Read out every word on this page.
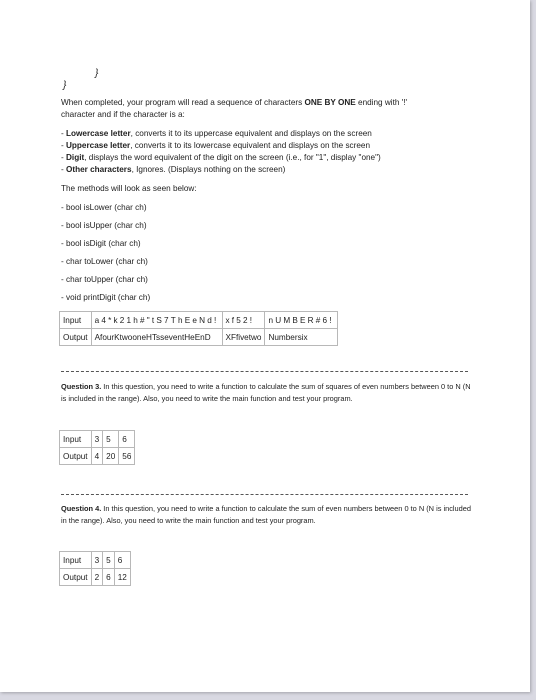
}
}
When completed, your program will read a sequence of characters ONE BY ONE ending with '!'
character and if the character is a:
- Lowercase letter, converts it to its uppercase equivalent and displays on the screen
- Uppercase letter, converts it to its lowercase equivalent and displays on the screen
- Digit, displays the word equivalent of the digit on the screen (i.e., for "1", display "one")
- Other characters, Ignores. (Displays nothing on the screen)
The methods will look as seen below:
- bool isLower (char ch)
- bool isUpper (char ch)
- bool isDigit (char ch)
- char toLower (char ch)
- char toUpper (char ch)
- void printDigit (char ch)
Input	a4*k21h#"tS7ThEeNd!	xf52!	nUMBER#6!
Output	AfourKtwooneHTsseventHeEnD	XFfivetwo	Numbersix
Question 3. In this question, you need to write a function to calculate the sum of squares of even numbers between 0 to N (N is included in the range). Also, you need to write the main function and test your program.
Input	3	5	6
Output	4	20	56
Question 4. In this question, you need to write a function to calculate the sum of even numbers between 0 to N (N is included in the range). Also, you need to write the main function and test your program.
Input	3	5	6
Output	2	6	12
